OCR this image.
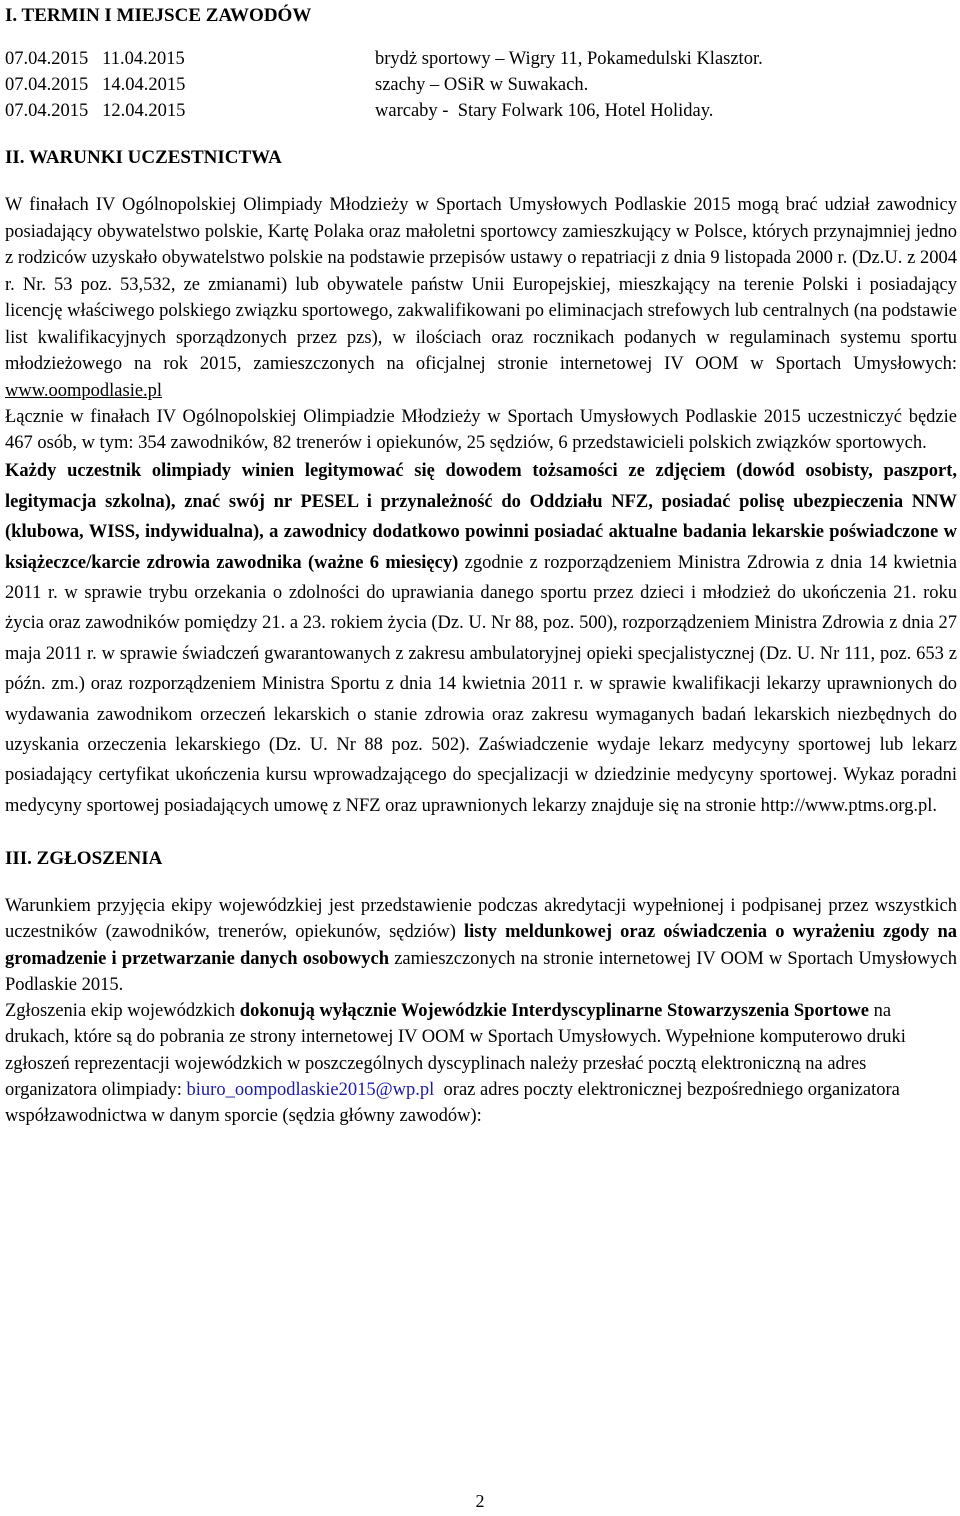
I. TERMIN I MIEJSCE ZAWODÓW
07.04.2015   11.04.2015	brydż sportowy – Wigry 11, Pokamedulski Klasztor.
07.04.2015   14.04.2015	szachy – OSiR w Suwakach.
07.04.2015   12.04.2015	warcaby -  Stary Folwark 106, Hotel Holiday.
II. WARUNKI UCZESTNICTWA

W finałach IV Ogólnopolskiej Olimpiady Młodzieży w Sportach Umysłowych Podlaskie 2015 mogą brać udział zawodnicy posiadający obywatelstwo polskie, Kartę Polaka oraz małoletni sportowcy zamieszkujący w Polsce, których przynajmniej jedno z rodziców uzyskało obywatelstwo polskie na podstawie przepisów ustawy o repatriacji z dnia 9 listopada 2000 r. (Dz.U. z 2004 r. Nr. 53 poz. 53,532, ze zmianami) lub obywatele państw Unii Europejskiej, mieszkający na terenie Polski i posiadający licencję właściwego polskiego związku sportowego, zakwalifikowani po eliminacjach strefowych lub centralnych (na podstawie list kwalifikacyjnych sporządzonych przez pzs), w ilościach oraz rocznikach podanych w regulaminach systemu sportu młodzieżowego na rok 2015, zamieszczonych na oficjalnej stronie internetowej IV OOM w Sportach Umysłowych: www.oompodlasie.pl

Łącznie w finałach IV Ogólnopolskiej Olimpiadzie Młodzieży w Sportach Umysłowych Podlaskie 2015 uczestniczyć będzie 467 osób, w tym: 354 zawodników, 82 trenerów i opiekunów, 25 sędziów, 6 przedstawicieli polskich związków sportowych.

Każdy uczestnik olimpiady winien legitymować się dowodem tożsamości ze zdjęciem (dowód osobisty, paszport, legitymacja szkolna), znać swój nr PESEL i przynależność do Oddziału NFZ, posiadać polisę ubezpieczenia NNW (klubowa, WISS, indywidualna), a zawodnicy dodatkowo powinni posiadać aktualne badania lekarskie poświadczone w książeczce/karcie zdrowia zawodnika (ważne 6 miesięcy) zgodnie z rozporządzeniem Ministra Zdrowia z dnia 14 kwietnia 2011 r. w sprawie trybu orzekania o zdolności do uprawiania danego sportu przez dzieci i młodzież do ukończenia 21. roku życia oraz zawodników pomiędzy 21. a 23. rokiem życia (Dz. U. Nr 88, poz. 500), rozporządzeniem Ministra Zdrowia z dnia 27 maja 2011 r. w sprawie świadczeń gwarantowanych z zakresu ambulatoryjnej opieki specjalistycznej (Dz. U. Nr 111, poz. 653 z późn. zm.) oraz rozporządzeniem Ministra Sportu z dnia 14 kwietnia 2011 r. w sprawie kwalifikacji lekarzy uprawnionych do wydawania zawodnikom orzeczeń lekarskich o stanie zdrowia oraz zakresu wymaganych badań lekarskich niezbędnych do uzyskania orzeczenia lekarskiego (Dz. U. Nr 88 poz. 502). Zaświadczenie wydaje lekarz medycyny sportowej lub lekarz posiadający certyfikat ukończenia kursu wprowadzającego do specjalizacji w dziedzinie medycyny sportowej. Wykaz poradni medycyny sportowej posiadających umowę z NFZ oraz uprawnionych lekarzy znajduje się na stronie http://www.ptms.org.pl.

III. ZGŁOSZENIA

Warunkiem przyjęcia ekipy wojewódzkiej jest przedstawienie podczas akredytacji wypełnionej i podpisanej przez wszystkich uczestników (zawodników, trenerów, opiekunów, sędziów) listy meldunkowej oraz oświadczenia o wyrażeniu zgody na gromadzenie i przetwarzanie danych osobowych zamieszczonych na stronie internetowej IV OOM w Sportach Umysłowych Podlaskie 2015.

Zgłoszenia ekip wojewódzkich dokonują wyłącznie Wojewódzkie Interdyscyplinarne Stowarzyszenia Sportowe na drukach, które są do pobrania ze strony internetowej IV OOM w Sportach Umysłowych. Wypełnione komputerowo druki zgłoszeń reprezentacji wojewódzkich w poszczególnych dyscyplinach należy przesłać pocztą elektroniczną na adres organizatora olimpiady: biuro_oompodlaskie2015@wp.pl  oraz adres poczty elektronicznej bezpośredniego organizatora współzawodnictwa w danym sporcie (sędzia główny zawodów):

2
